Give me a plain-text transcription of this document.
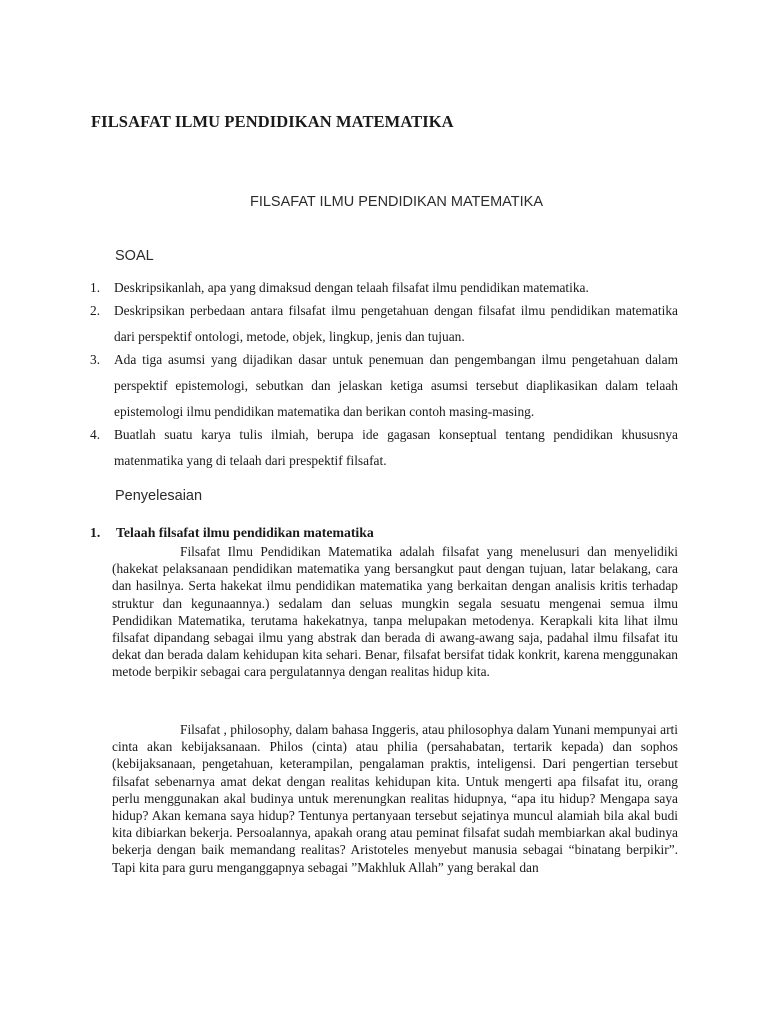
FILSAFAT ILMU PENDIDIKAN MATEMATIKA
FILSAFAT ILMU PENDIDIKAN MATEMATIKA
SOAL
1. Deskripsikanlah, apa yang dimaksud dengan telaah filsafat ilmu pendidikan matematika.
2. Deskripsikan perbedaan antara filsafat ilmu pengetahuan dengan filsafat ilmu pendidikan matematika dari perspektif ontologi, metode, objek, lingkup, jenis dan tujuan.
3. Ada tiga asumsi yang dijadikan dasar untuk penemuan dan pengembangan ilmu pengetahuan dalam perspektif epistemologi, sebutkan dan jelaskan ketiga asumsi tersebut diaplikasikan dalam telaah epistemologi ilmu pendidikan matematika dan berikan contoh masing-masing.
4. Buatlah suatu karya tulis ilmiah, berupa ide gagasan konseptual tentang pendidikan khususnya matenmatika yang di telaah dari prespektif filsafat.
Penyelesaian
1. Telaah filsafat ilmu pendidikan matematika

Filsafat Ilmu Pendidikan Matematika adalah filsafat yang menelusuri dan menyelidiki (hakekat pelaksanaan pendidikan matematika yang bersangkut paut dengan tujuan, latar belakang, cara dan hasilnya. Serta hakekat ilmu pendidikan matematika yang berkaitan dengan analisis kritis terhadap struktur dan kegunaannya.) sedalam dan seluas mungkin segala sesuatu mengenai semua ilmu Pendidikan Matematika, terutama hakekatnya, tanpa melupakan metodenya. Kerapkali kita lihat ilmu filsafat dipandang sebagai ilmu yang abstrak dan berada di awang-awang saja, padahal ilmu filsafat itu dekat dan berada dalam kehidupan kita sehari. Benar, filsafat bersifat tidak konkrit, karena menggunakan metode berpikir sebagai cara pergulatannya dengan realitas hidup kita.

Filsafat , philosophy, dalam bahasa Inggeris, atau philosophya dalam Yunani mempunyai arti cinta akan kebijaksanaan. Philos (cinta) atau philia (persahabatan, tertarik kepada) dan sophos (kebijaksanaan, pengetahuan, keterampilan, pengalaman praktis, inteligensi. Dari pengertian tersebut filsafat sebenarnya amat dekat dengan realitas kehidupan kita. Untuk mengerti apa filsafat itu, orang perlu menggunakan akal budinya untuk merenungkan realitas hidupnya, “apa itu hidup? Mengapa saya hidup? Akan kemana saya hidup? Tentunya pertanyaan tersebut sejatinya muncul alamiah bila akal budi kita dibiarkan bekerja. Persoalannya, apakah orang atau peminat filsafat sudah membiarkan akal budinya bekerja dengan baik memandang realitas? Aristoteles menyebut manusia sebagai “binatang berpikir”. Tapi kita para guru menganggapnya sebagai ”Makhluk Allah” yang berakal dan
